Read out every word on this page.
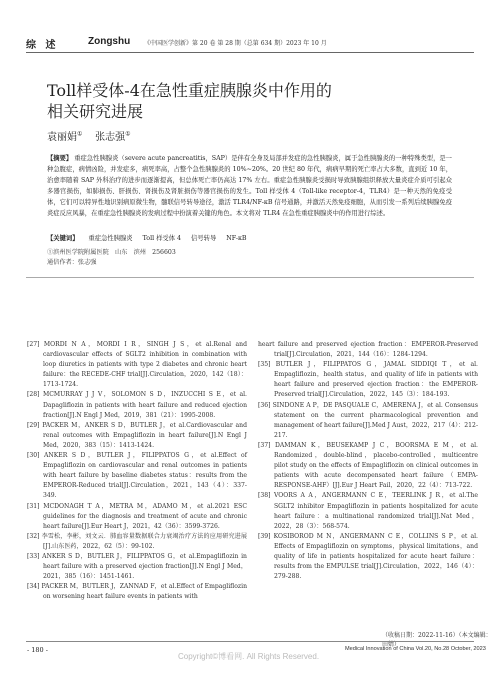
综 述	Zongshu 《中国医学创新》第 20 卷 第 28 期（总第 634 期）2023 年 10 月
Toll样受体-4在急性重症胰腺炎中作用的
相关研究进展
袁丽娟① 张志强①
【摘要】 重症急性胰腺炎（severe acute pancreatitis，SAP）是伴有全身及局部并发症的急性胰腺炎，属于急性胰腺炎的一种特殊类型，是一种急腹症，病情凶险，并发症多，病死率高，占整个急性胰腺炎的 10%~20%。20 世纪 80 年代，病病早期的死亡率占大多数，直到近 10 年，治愈率随着 SAP 外科治疗的进步而逐渐提高，但总体死亡率仍高达 17% 左右。重症急性胰腺炎受损时导致胰腺组织释放大量炎症介质可引起众多器官损伤，如肺损伤、肝损伤、肾损伤及肾脏损伤等器官损伤的发生。Toll 样受体 4（Toll-like receptor-4，TLR4）是一种天然的免疫受体，它们可以特异性地识别病原微生物，髓联信号转导途径，激活 TLR4/NF-κB 信号通路，并激活天然免疫细胞，从而引发一系列后续胰腺免疫炎症反应风暴，在重症急性胰腺炎的发病过程中扮演着关键的角色。本文将对 TLR4 在急性重症胰腺炎中的作用进行综述。
【关键词】 重症急性胰腺炎 Toll 样受体 4 信号转导 NF-κB
①滨州医学院附属医院　山东　滨州　256603
通信作者：张志强
[27] MORDI N A，MORDI I R，SINGH J S，et al.Renal and cardiovascular effects of SGLT2 inhibition in combination with loop diuretics in patients with type 2 diabetes and chronic heart failure：the RECEDE-CHF trial[J].Circulation，2020，142（18）：1713-1724.
[28] MCMURRAY J J V，SOLOMON S D，INZUCCHI S E，et al. Dapagliflozin in patients with heart failure and reduced ejection fraction[J].N Engl J Med，2019，381（21）：1995-2008.
[29] PACKER M，ANKER S D，BUTLER J，et al.Cardiovascular and renal outcomes with Empagliflozin in heart failure[J].N Engl J Med，2020，383（15）：1413-1424.
[30] ANKER S D，BUTLER J，FILIPPATOS G，et al.Effect of Empagliflozin on cardiovascular and renal outcomes in patients with heart failure by baseline diabetes status：results from the EMPEROR-Reduced trial[J].Circulation，2021，143（4）：337-349.
[31] MCDONAGH T A，METRA M，ADAMO M，et al.2021 ESC guidelines for the diagnosis and treatment of acute and chronic heart failure[J].Eur Heart J，2021，42（36）：3599-3726.
[32] 李雪松，李彬，刘文云．肺血容量数据联合力衰竭治疗方法的应用研究进展[J].山东医药，2022，62（5）：99-102.
[33] ANKER S D，BUTLER J，FILIPPATOS G，et al.Empagliflozin in heart failure with a preserved ejection fraction[J].N Engl J Med，2021，385（16）：1451-1461.
[34] PACKER M，BUTLER J，ZANNAD F，et al.Effect of Empagliflozin on worsening heart failure events in patients with
heart failure and preserved ejection fraction：EMPEROR-Preserved trial[J].Circulation，2021，144（16）：1284-1294.
[35] BUTLER J，FILIPPATOS G，JAMAL SIDDIQI T，et al. Empagliflozin，health status，and quality of life in patients with heart failure and preserved ejection fraction：the EMPEROR-Preserved trial[J].Circulation，2022，145（3）：184-193.
[36] SINDONE A P，DE PASQUALE C，AMERENA J，et al. Consensus statement on the current pharmacological prevention and management of heart failure[J].Med J Aust，2022，217（4）：212-217.
[37] DAMMAN K，BEUSEKAMP J C，BOORSMA E M，et al. Randomized，double-blind，placebo-controlled，multicentre pilot study on the effects of Empagliflozin on clinical outcomes in patients with acute decompensated heart failure（EMPA-RESPONSE-AHF）[J].Eur J Heart Fail，2020，22（4）：713-722.
[38] VOORS A A，ANGERMANN C E，TEERLINK J R，et al.The SGLT2 inhibitor Empagliflozin in patients hospitalized for acute heart failure：a multinational randomized trial[J].Nat Med，2022，28（3）：568-574.
[39] KOSIBOROD M N，ANGERMANN C E，COLLINS S P，et al. Effects of Empagliflozin on symptoms，physical limitations，and quality of life in patients hospitalized for acute heart failure：results from the EMPULSE trial[J].Circulation，2022，146（4）：279-288.
（收稿日期：2022-11-16）（本文编辑：田婧）
- 180 -	Medical Innovation of China Vol.20, No.28 October, 2023
Copyright©博看网. All Rights Reserved.
